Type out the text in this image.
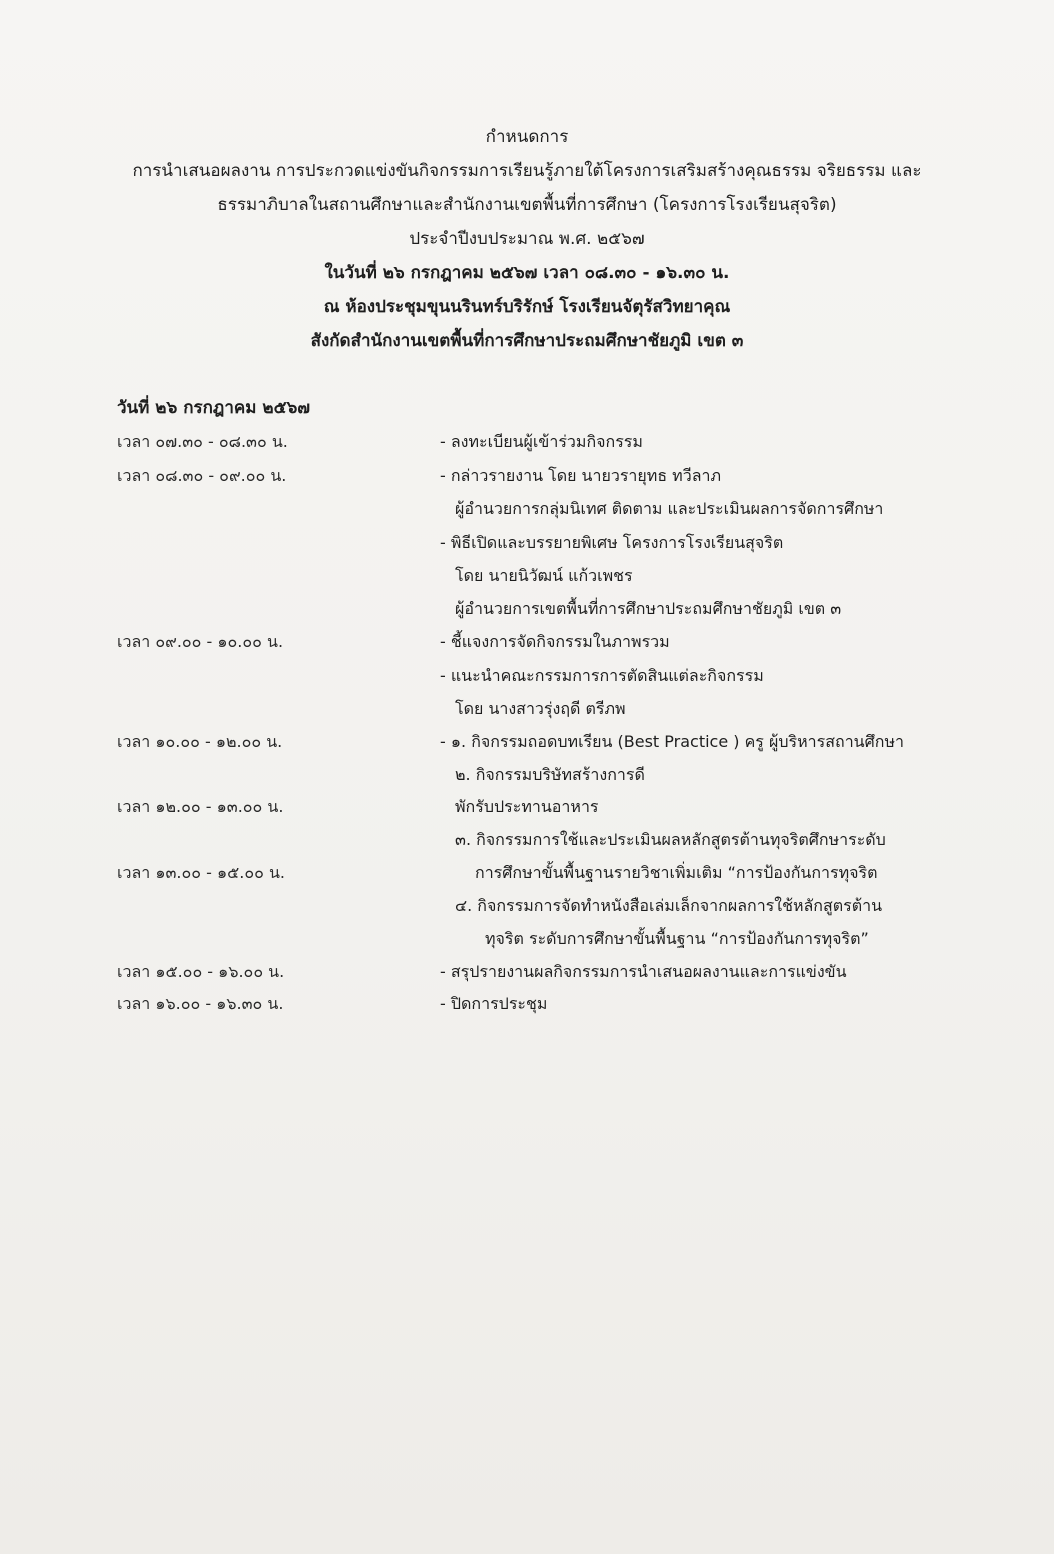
กำหนดการ
การนำเสนอผลงาน การประกวดแข่งขันกิจกรรมการเรียนรู้ภายใต้โครงการเสริมสร้างคุณธรรม จริยธรรม และ
ธรรมาภิบาลในสถานศึกษาและสำนักงานเขตพื้นที่การศึกษา (โครงการโรงเรียนสุจริต)
ประจำปีงบประมาณ พ.ศ. ๒๕๖๗
ในวันที่ ๒๖ กรกฎาคม ๒๕๖๗ เวลา ๐๘.๓๐ - ๑๖.๓๐ น.
ณ ห้องประชุมขุนนรินทร์บริรักษ์ โรงเรียนจัตุรัสวิทยาคุณ
สังกัดสำนักงานเขตพื้นที่การศึกษาประถมศึกษาชัยภูมิ เขต ๓
วันที่ ๒๖ กรกฎาคม ๒๕๖๗
เวลา ๐๗.๓๐ - ๐๘.๓๐ น.	- ลงทะเบียนผู้เข้าร่วมกิจกรรม
เวลา ๐๘.๓๐ - ๐๙.๐๐ น.	- กล่าวรายงาน โดย นายวรายุทธ ทวีลาภ
ผู้อำนวยการกลุ่มนิเทศ ติดตาม และประเมินผลการจัดการศึกษา
- พิธีเปิดและบรรยายพิเศษ โครงการโรงเรียนสุจริต
โดย นายนิวัฒน์ แก้วเพชร
ผู้อำนวยการเขตพื้นที่การศึกษาประถมศึกษาชัยภูมิ เขต ๓
เวลา ๐๙.๐๐ - ๑๐.๐๐ น.	- ชี้แจงการจัดกิจกรรมในภาพรวม
- แนะนำคณะกรรมการการตัดสินแต่ละกิจกรรม
โดย นางสาวรุ่งฤดี ตรีภพ
เวลา ๑๐.๐๐ - ๑๒.๐๐ น.	- ๑. กิจกรรมถอดบทเรียน (Best Practice ) ครู ผู้บริหารสถานศึกษา
๒. กิจกรรมบริษัทสร้างการดี
เวลา ๑๒.๐๐ - ๑๓.๐๐ น.	พักรับประทานอาหาร
๓. กิจกรรมการใช้และประเมินผลหลักสูตรต้านทุจริตศึกษาระดับ
เวลา ๑๓.๐๐ - ๑๕.๐๐ น.	การศึกษาขั้นพื้นฐานรายวิชาเพิ่มเติม “การป้องกันการทุจริต
๔. กิจกรรมการจัดทำหนังสือเล่มเล็กจากผลการใช้หลักสูตรต้าน
ทุจริต ระดับการศึกษาขั้นพื้นฐาน “การป้องกันการทุจริต”
เวลา ๑๕.๐๐ - ๑๖.๐๐ น.	- สรุปรายงานผลกิจกรรมการนำเสนอผลงานและการแข่งขัน
เวลา ๑๖.๐๐ - ๑๖.๓๐ น.	- ปิดการประชุม
